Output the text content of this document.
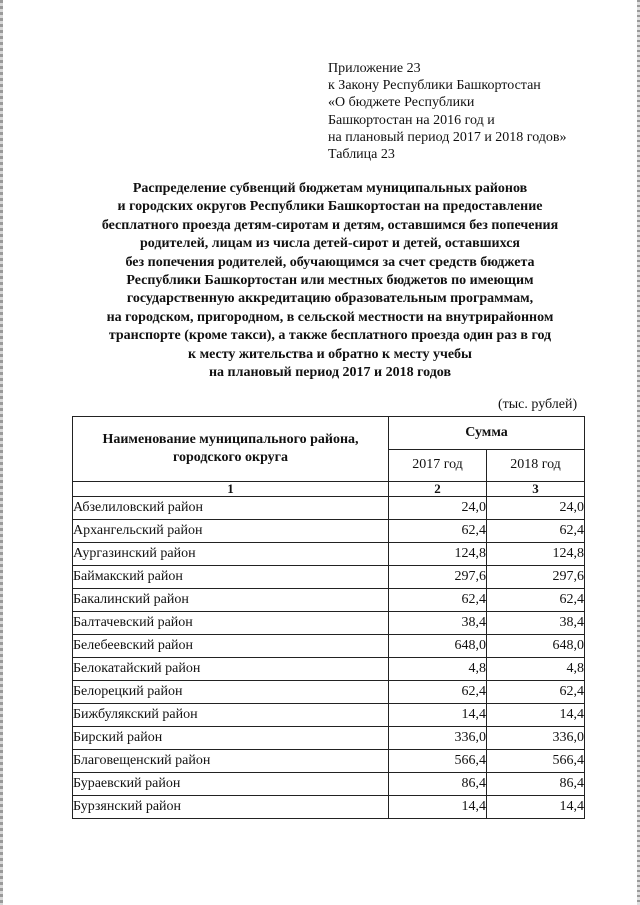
Приложение 23
к Закону Республики Башкортостан
«О бюджете Республики
Башкортостан на 2016 год и
на плановый период 2017 и 2018 годов»
Таблица 23
Распределение субвенций бюджетам муниципальных районов
и городских округов Республики Башкортостан на предоставление
бесплатного проезда детям-сиротам и детям, оставшимся без попечения
родителей, лицам из числа детей-сирот и детей, оставшихся
без попечения родителей, обучающимся за счет средств бюджета
Республики Башкортостан или местных бюджетов по имеющим
государственную аккредитацию образовательным программам,
на городском, пригородном, в сельской местности на внутрирайонном
транспорте (кроме такси), а также бесплатного проезда один раз в год
к месту жительства и обратно к месту учебы
на плановый период 2017 и 2018 годов
(тыс. рублей)
Наименование муниципального района,
городского округа	Сумма	
	2017 год	2018 год
1	2	3
Абзелиловский район	24,0	24,0
Архангельский район	62,4	62,4
Аургазинский район	124,8	124,8
Баймакский район	297,6	297,6
Бакалинский район	62,4	62,4
Балтачевский район	38,4	38,4
Белебеевский район	648,0	648,0
Белокатайский район	4,8	4,8
Белорецкий район	62,4	62,4
Бижбулякский район	14,4	14,4
Бирский район	336,0	336,0
Благовещенский район	566,4	566,4
Бураевский район	86,4	86,4
Бурзянский район	14,4	14,4
